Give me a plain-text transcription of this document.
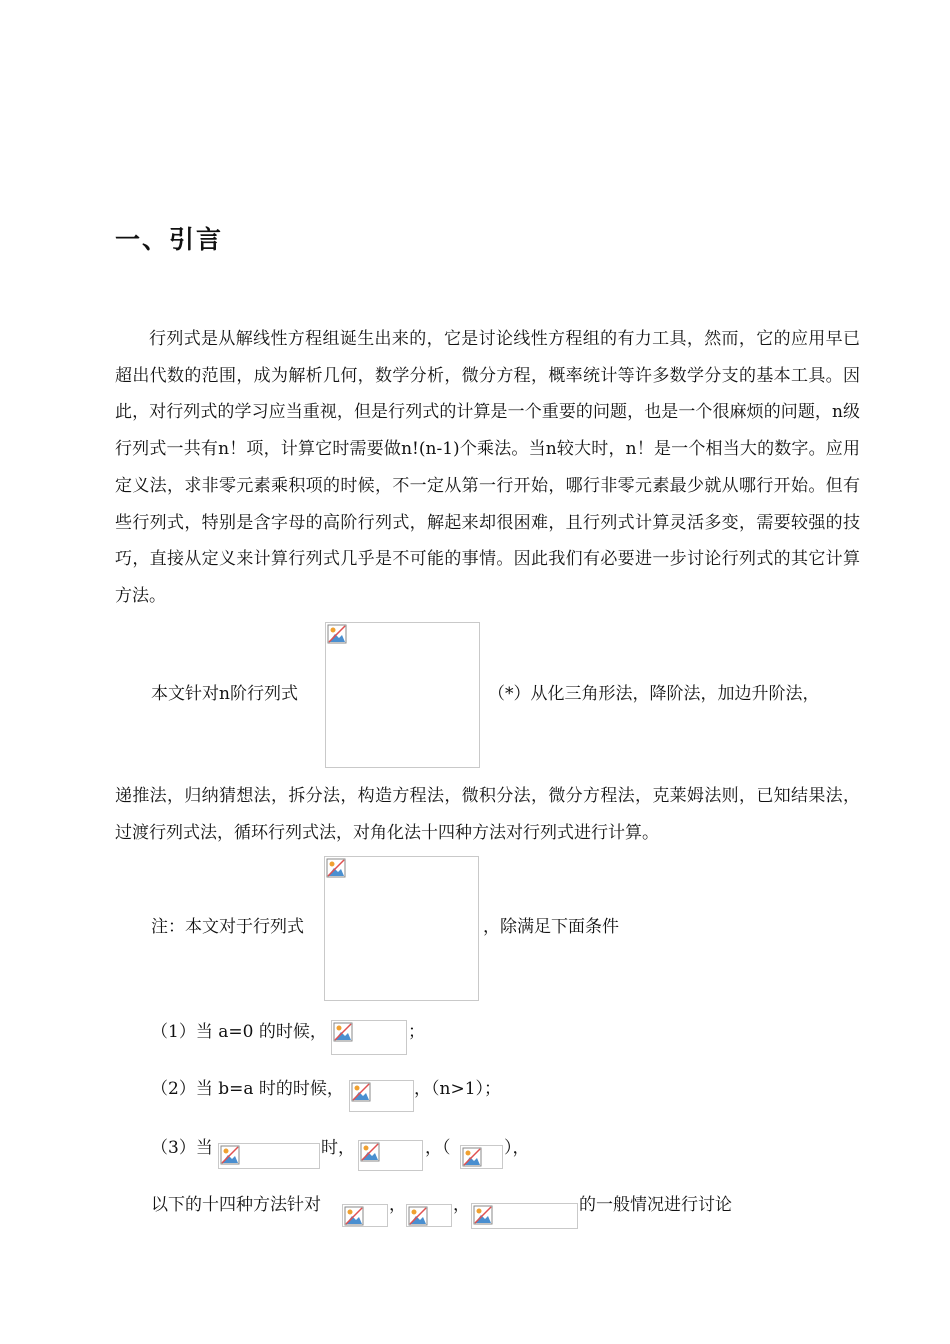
一、引言

行列式是从解线性方程组诞生出来的，它是讨论线性方程组的有力工具，然而，它的应用早已超出代数的范围，成为解析几何，数学分析，微分方程，概率统计等许多数学分支的基本工具。因此，对行列式的学习应当重视，但是行列式的计算是一个重要的问题，也是一个很麻烦的问题，n级行列式一共有n！项，计算它时需要做n!(n-1)个乘法。当n较大时，n！是一个相当大的数字。应用定义法，求非零元素乘积项的时候，不一定从第一行开始，哪行非零元素最少就从哪行开始。但有些行列式，特别是含字母的高阶行列式，解起来却很困难，且行列式计算灵活多变，需要较强的技巧，直接从定义来计算行列式几乎是不可能的事情。因此我们有必要进一步讨论行列式的其它计算方法。

本文针对n阶行列式	（*）从化三角形法，降阶法，加边升阶法，

递推法，归纳猜想法，拆分法，构造方程法，微积分法，微分方程法，克莱姆法则，已知结果法，过渡行列式法，循环行列式法，对角化法十四种方法对行列式进行计算。

注：本文对于行列式	，除满足下面条件
（1）当 a=0 的时候，	；
（2）当 b=a 时的时候，	，（n>1）；
（3）当	时，	，（	），
以下的十四种方法针对	，	，	的一般情况进行讨论
